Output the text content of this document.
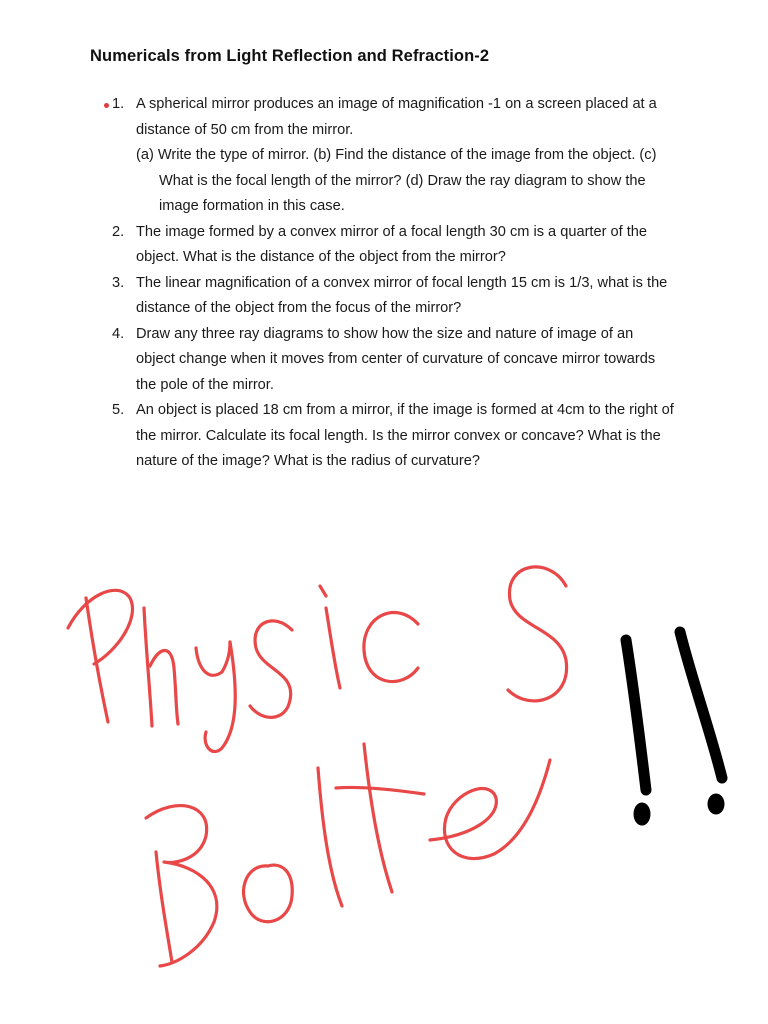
Numericals from Light Reflection and Refraction-2
1. A spherical mirror produces an image of magnification -1 on a screen placed at a distance of 50 cm from the mirror.
(a) Write the type of mirror. (b) Find the distance of the image from the object. (c) What is the focal length of the mirror? (d) Draw the ray diagram to show the image formation in this case.
2. The image formed by a convex mirror of a focal length 30 cm is a quarter of the object. What is the distance of the object from the mirror?
3. The linear magnification of a convex mirror of focal length 15 cm is 1/3, what is the distance of the object from the focus of the mirror?
4. Draw any three ray diagrams to show how the size and nature of image of an object change when it moves from center of curvature of concave mirror towards the pole of the mirror.
5. An object is placed 18 cm from a mirror, if the image is formed at 4cm to the right of the mirror. Calculate its focal length. Is the mirror convex or concave? What is the nature of the image? What is the radius of curvature?
